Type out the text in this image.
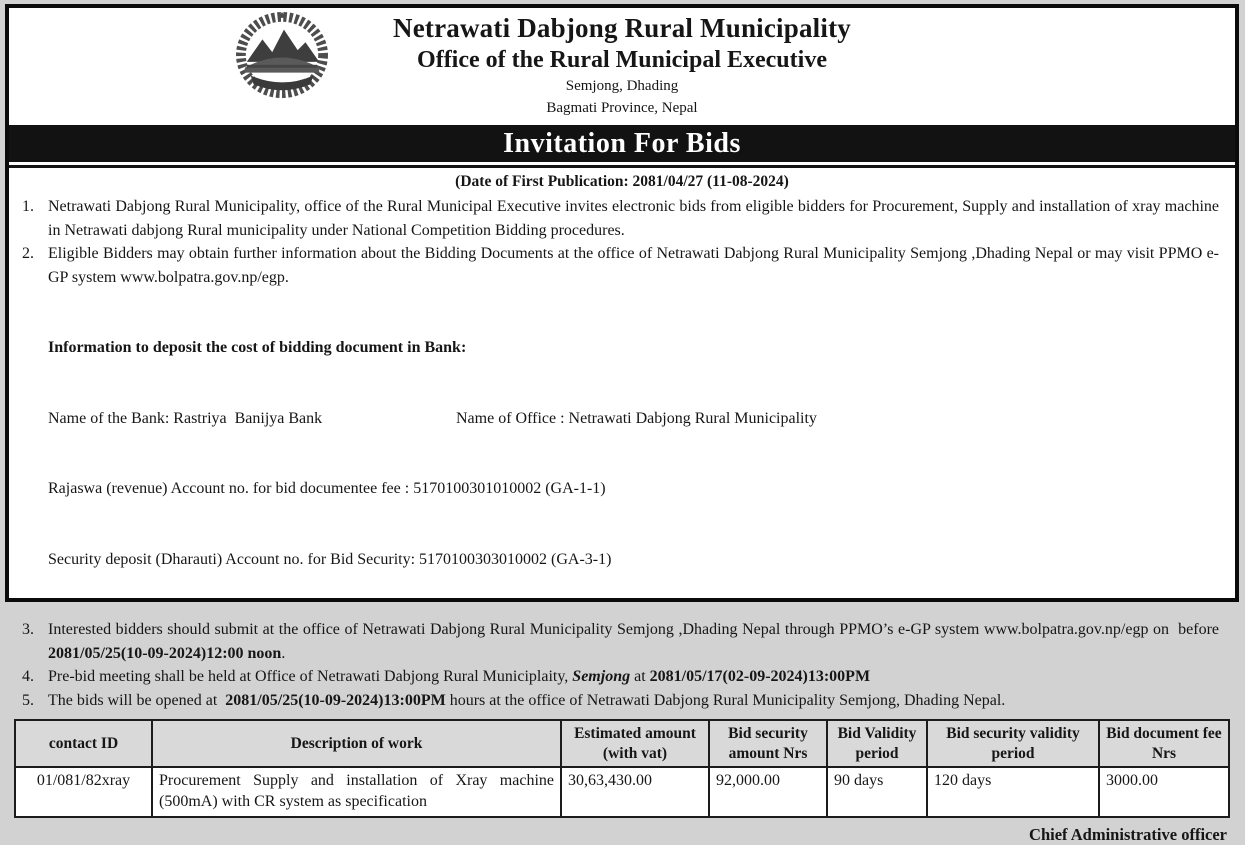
Netrawati Dabjong Rural Municipality
Office of the Rural Municipal Executive
Semjong, Dhading
Bagmati Province, Nepal
Invitation For Bids
(Date of First Publication: 2081/04/27 (11-08-2024)
1. Netrawati Dabjong Rural Municipality, office of the Rural Municipal Executive invites electronic bids from eligible bidders for Procurement, Supply and installation of xray machine in Netrawati dabjong Rural municipality under National Competition Bidding procedures.
2. Eligible Bidders may obtain further information about the Bidding Documents at the office of Netrawati Dabjong Rural Municipality Semjong ,Dhading Nepal or may visit PPMO e-GP system www.bolpatra.gov.np/egp.

Information to deposit the cost of bidding document in Bank:

Name of the Bank: Rastriya  Banijya Bank	Name of Office : Netrawati Dabjong Rural Municipality

Rajaswa (revenue) Account no. for bid documentee fee : 5170100301010002 (GA-1-1)

Security deposit (Dharauti) Account no. for Bid Security: 5170100303010002 (GA-3-1)

3. Interested bidders should submit at the office of Netrawati Dabjong Rural Municipality Semjong ,Dhading Nepal through PPMO’s e-GP system www.bolpatra.gov.np/egp on  before 2081/05/25(10-09-2024)12:00 noon.
4. Pre-bid meeting shall be held at Office of Netrawati Dabjong Rural Municiplaity, Semjong at 2081/05/17(02-09-2024)13:00PM
5. The bids will be opened at  2081/05/25(10-09-2024)13:00PM hours at the office of Netrawati Dabjong Rural Municipality Semjong, Dhading Nepal.
contact ID	Description of work	Estimated amount (with vat)	Bid security amount Nrs	Bid Validity period	Bid security validity period	Bid document fee Nrs
01/081/82xray	Procurement Supply and installation of Xray machine (500mA) with CR system as specification	30,63,430.00	92,000.00	90 days	120 days	3000.00
Chief Administrative officer
